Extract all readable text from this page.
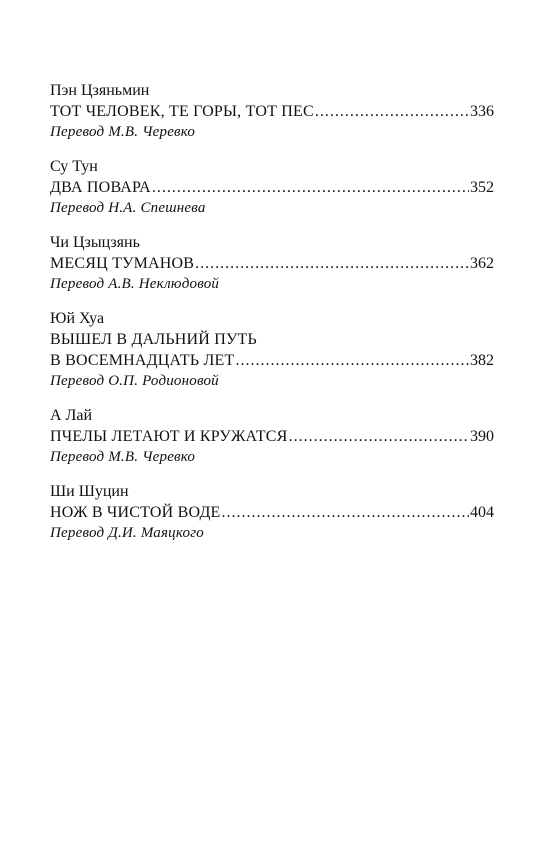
Пэн Цзяньмин
ТОТ ЧЕЛОВЕК, ТЕ ГОРЫ, ТОТ ПЕС .....	336
Перевод М.В. Черевко
Су Тун
ДВА ПОВАРА .....	352
Перевод Н.А. Спешнева
Чи Цзыцзянь
МЕСЯЦ ТУМАНОВ .....	362
Перевод А.В. Неклюдовой
Юй Хуа
ВЫШЕЛ В ДАЛЬНИЙ ПУТЬ
В ВОСЕМНАДЦАТЬ ЛЕТ .....	382
Перевод О.П. Родионовой
А Лай
ПЧЕЛЫ ЛЕТАЮТ И КРУЖАТСЯ .....	390
Перевод М.В. Черевко
Ши Шуцин
НОЖ В ЧИСТОЙ ВОДЕ .....	404
Перевод Д.И. Маяцкого
